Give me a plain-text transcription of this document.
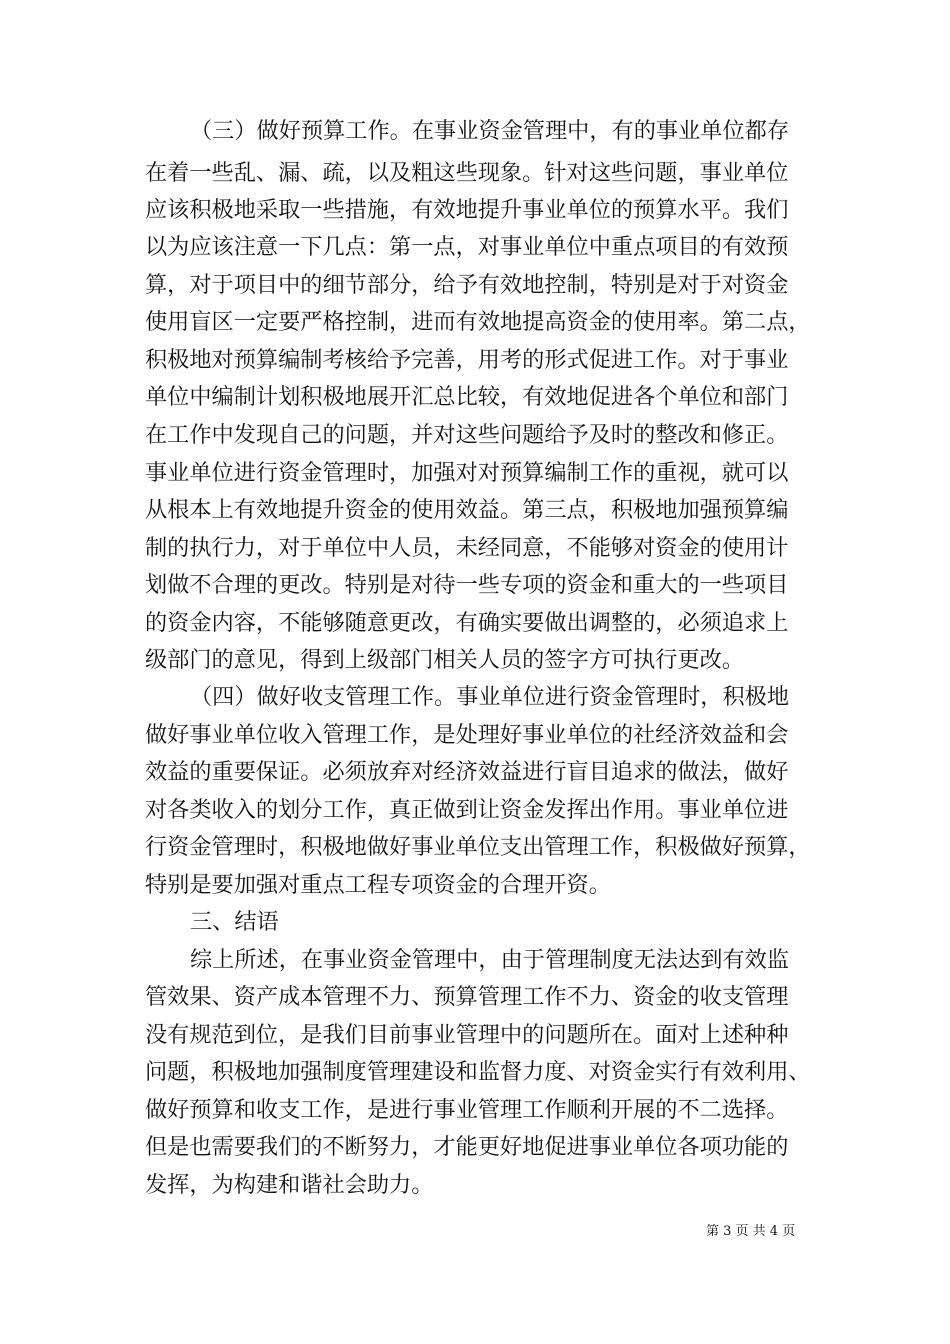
（三）做好预算工作。在事业资金管理中，有的事业单位都存
在着一些乱、漏、疏，以及粗这些现象。针对这些问题，事业单位
应该积极地采取一些措施，有效地提升事业单位的预算水平。我们
以为应该注意一下几点：第一点，对事业单位中重点项目的有效预
算，对于项目中的细节部分，给予有效地控制，特别是对于对资金
使用盲区一定要严格控制，进而有效地提高资金的使用率。第二点，
积极地对预算编制考核给予完善，用考的形式促进工作。对于事业
单位中编制计划积极地展开汇总比较，有效地促进各个单位和部门
在工作中发现自己的问题，并对这些问题给予及时的整改和修正。
事业单位进行资金管理时，加强对对预算编制工作的重视，就可以
从根本上有效地提升资金的使用效益。第三点，积极地加强预算编
制的执行力，对于单位中人员，未经同意，不能够对资金的使用计
划做不合理的更改。特别是对待一些专项的资金和重大的一些项目
的资金内容，不能够随意更改，有确实要做出调整的，必须追求上
级部门的意见，得到上级部门相关人员的签字方可执行更改。
（四）做好收支管理工作。事业单位进行资金管理时，积极地
做好事业单位收入管理工作，是处理好事业单位的社经济效益和会
效益的重要保证。必须放弃对经济效益进行盲目追求的做法，做好
对各类收入的划分工作，真正做到让资金发挥出作用。事业单位进
行资金管理时，积极地做好事业单位支出管理工作，积极做好预算，
特别是要加强对重点工程专项资金的合理开资。
三、结语
综上所述，在事业资金管理中，由于管理制度无法达到有效监
管效果、资产成本管理不力、预算管理工作不力、资金的收支管理
没有规范到位，是我们目前事业管理中的问题所在。面对上述种种
问题，积极地加强制度管理建设和监督力度、对资金实行有效利用、
做好预算和收支工作，是进行事业管理工作顺利开展的不二选择。
但是也需要我们的不断努力，才能更好地促进事业单位各项功能的
发挥，为构建和谐社会助力。
第 3 页 共 4 页
